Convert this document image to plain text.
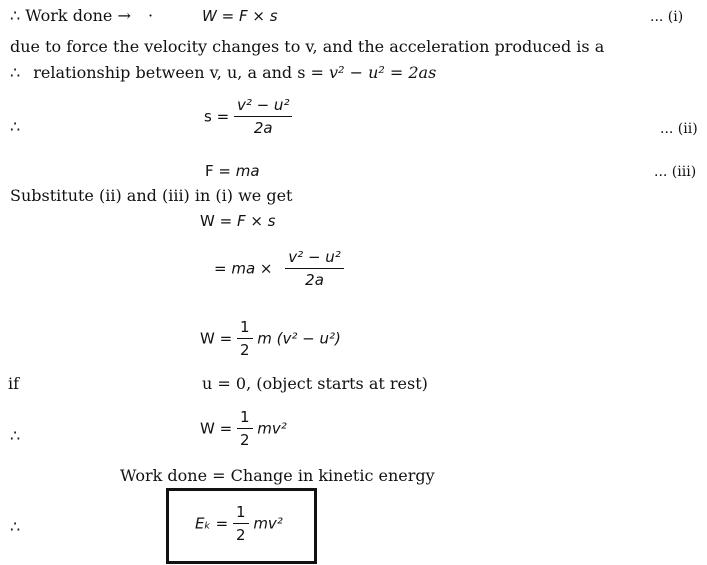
∴ Work done → ·	W = F × s	... (i)
due to force the velocity changes to v, and the acceleration produced is a
∴ relationship between v, u, a and s = v² − u² = 2as
∴
$s = \frac{\text{v² − u²}}{2a}$	... (ii)
F = ma	... (iii)
Substitute (ii) and (iii) in (i) we get
W = F × s
= ma × $\frac{\text{v² − u²}}{2a}$
$W = \frac{1}{2}$ m (v² − u²)
if	u = 0, (object starts at rest)
∴	$W = \frac{1}{2} mv^2$
Work done = Change in kinetic energy
∴	$E_k = \frac{1}{2} mv^2$
